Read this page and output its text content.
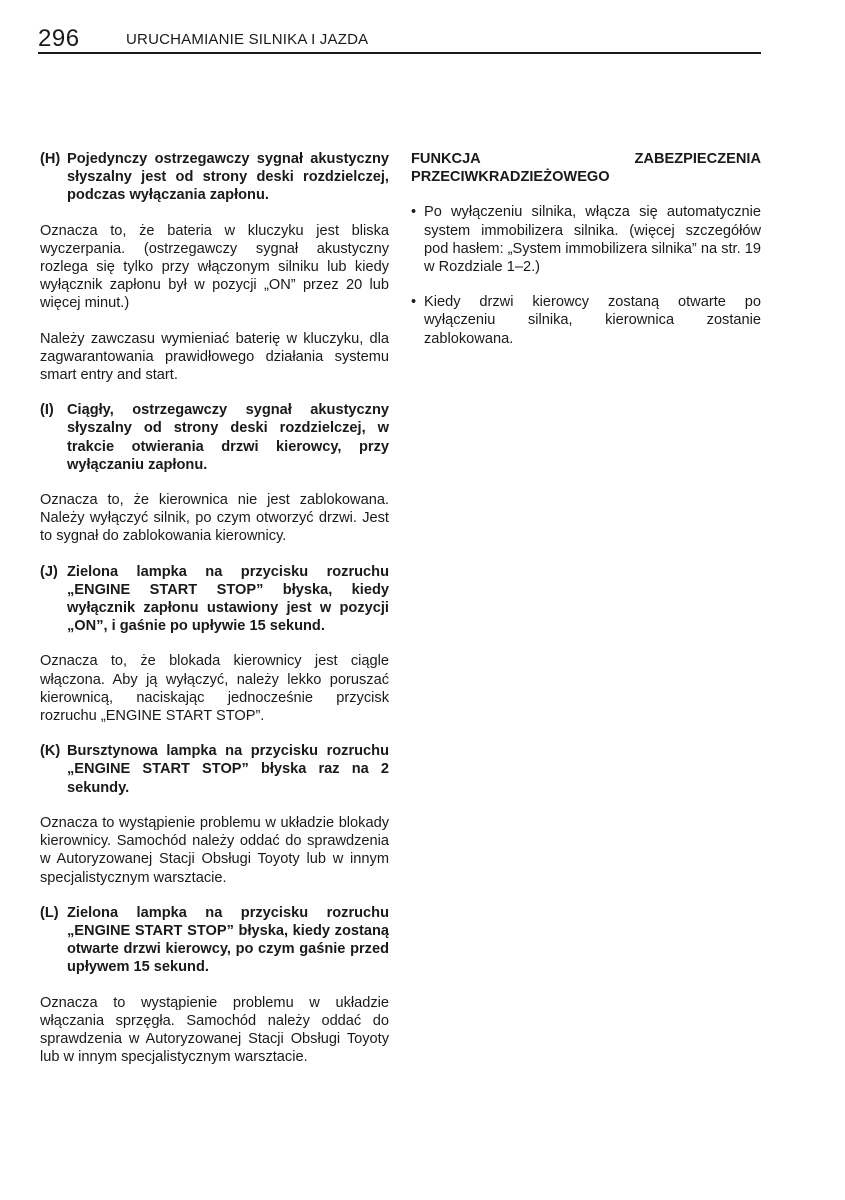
296	URUCHAMIANIE SILNIKA I JAZDA
(H) Pojedynczy ostrzegawczy sygnał akustyczny słyszalny jest od strony deski rozdzielczej, podczas wyłączania zapłonu.

Oznacza to, że bateria w kluczyku jest bliska wyczerpania. (ostrzegawczy sygnał akustyczny rozlega się tylko przy włączonym silniku lub kiedy wyłącznik zapłonu był w pozycji „ON” przez 20 lub więcej minut.)

Należy zawczasu wymieniać baterię w kluczyku, dla zagwarantowania prawidłowego działania systemu smart entry and start.

(I) Ciągły, ostrzegawczy sygnał akustyczny słyszalny od strony deski rozdzielczej, w trakcie otwierania drzwi kierowcy, przy wyłączaniu zapłonu.

Oznacza to, że kierownica nie jest zablokowana. Należy wyłączyć silnik, po czym otworzyć drzwi. Jest to sygnał do zablokowania kierownicy.

(J) Zielona lampka na przycisku rozruchu „ENGINE START STOP” błyska, kiedy wyłącznik zapłonu ustawiony jest w pozycji „ON”, i gaśnie po upływie 15 sekund.

Oznacza to, że blokada kierownicy jest ciągle włączona. Aby ją wyłączyć, należy lekko poruszać kierownicą, naciskając jednocześnie przycisk rozruchu „ENGINE START STOP”.

(K) Bursztynowa lampka na przycisku rozruchu „ENGINE START STOP” błyska raz na 2 sekundy.

Oznacza to wystąpienie problemu w układzie blokady kierownicy. Samochód należy oddać do sprawdzenia w Autoryzowanej Stacji Obsługi Toyoty lub w innym specjalistycznym warsztacie.

(L) Zielona lampka na przycisku rozruchu „ENGINE START STOP” błyska, kiedy zostaną otwarte drzwi kierowcy, po czym gaśnie przed upływem 15 sekund.

Oznacza to wystąpienie problemu w układzie włączania sprzęgła. Samochód należy oddać do sprawdzenia w Autoryzowanej Stacji Obsługi Toyoty lub w innym specjalistycznym warsztacie.

FUNKCJA ZABEZPIECZENIA PRZECIWKRADZIEŻOWEGO
• Po wyłączeniu silnika, włącza się automatycznie system immobilizera silnika. (więcej szczegółów pod hasłem: „System immobilizera silnika” na str. 19 w Rozdziale 1–2.)
• Kiedy drzwi kierowcy zostaną otwarte po wyłączeniu silnika, kierownica zostanie zablokowana.
